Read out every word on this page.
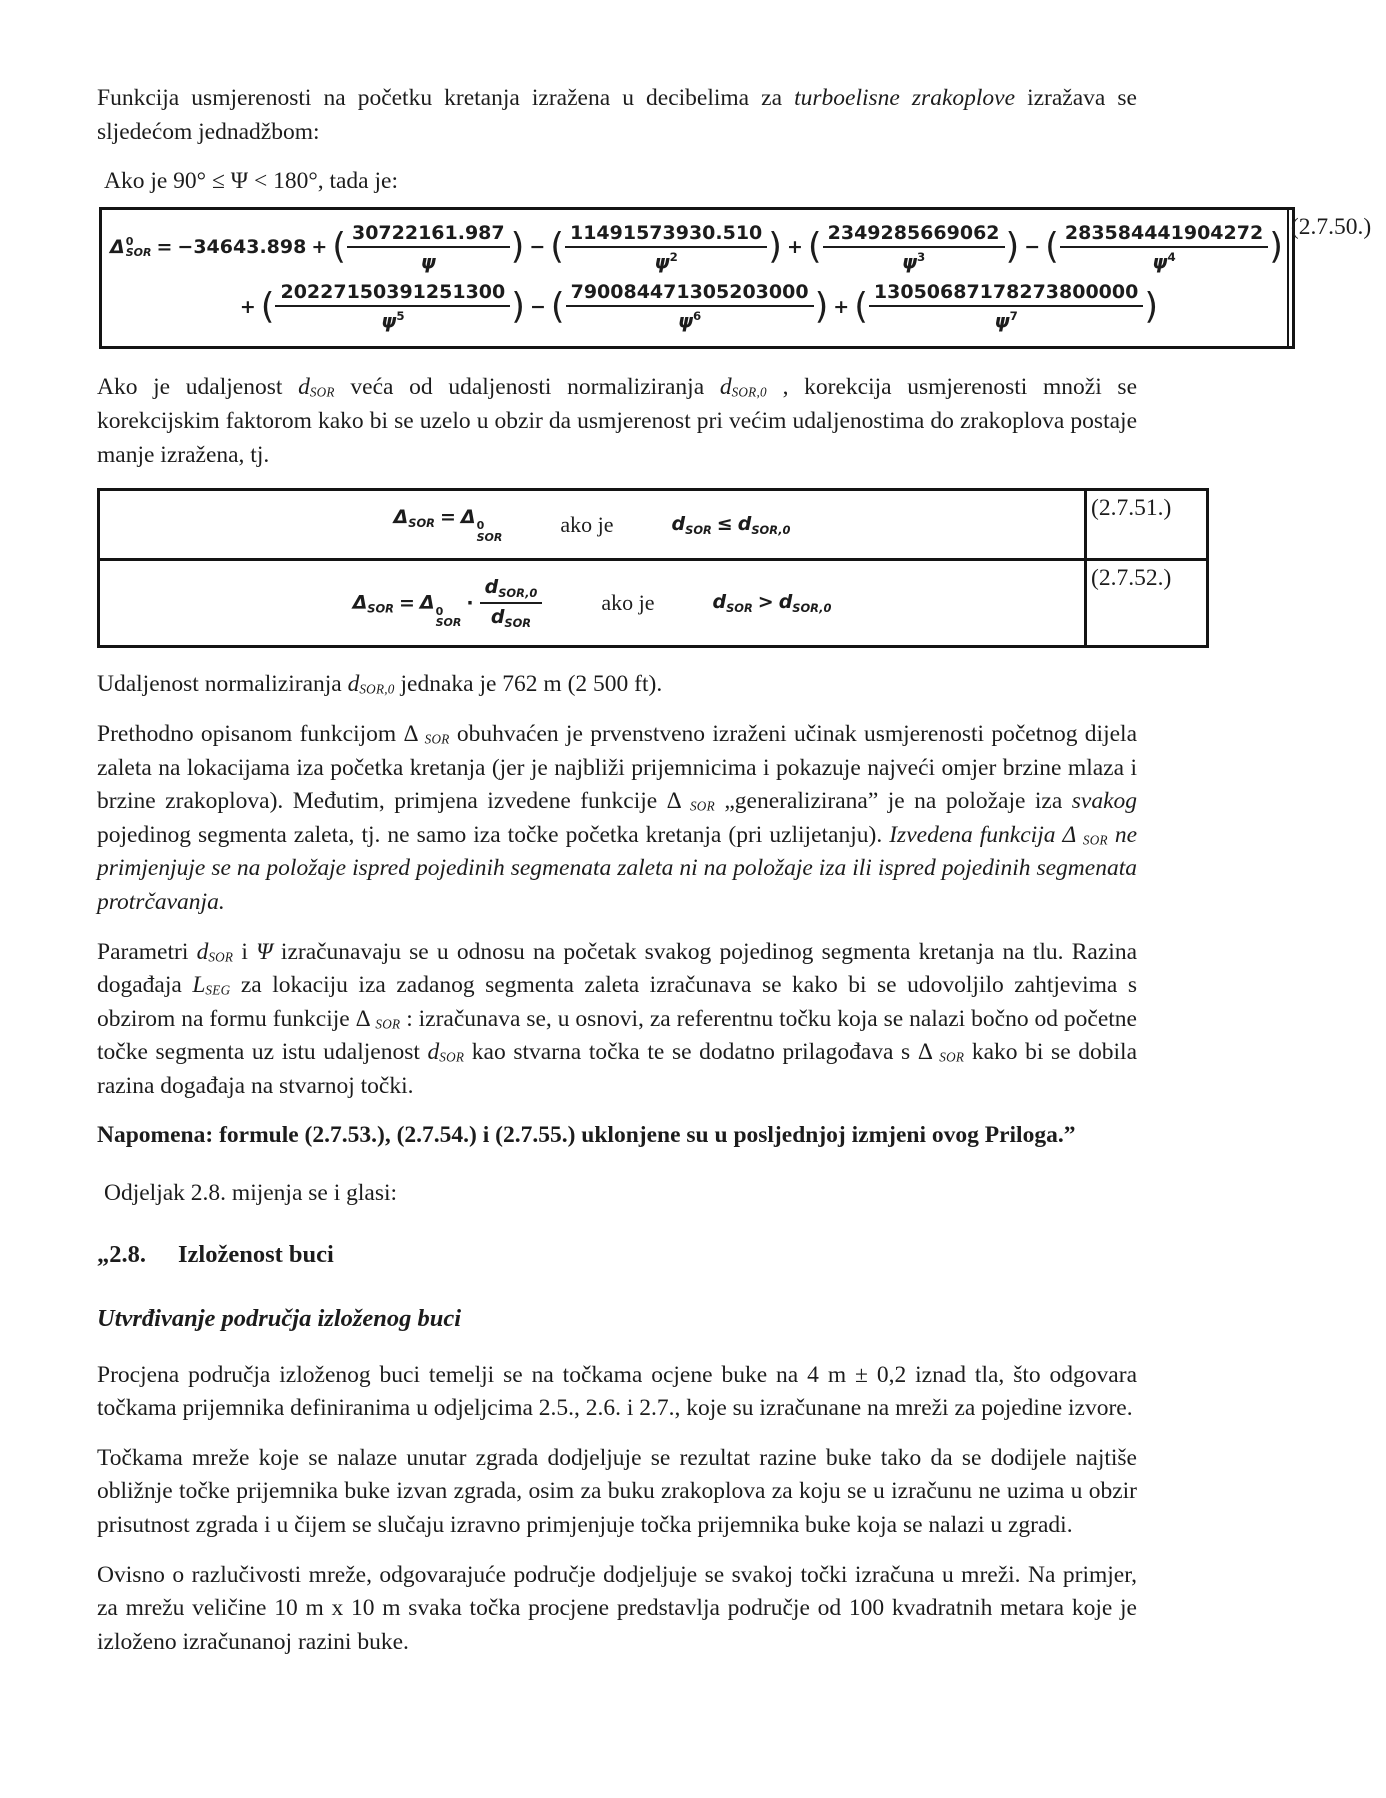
Funkcija usmjerenosti na početku kretanja izražena u decibelima za turboelisne zrakoplove izražava se sljedećom jednadžbom:

Ako je 90° ≤ Ψ < 180°, tada je:

Δ 0
SOR = −34643.898 + ( $\frac{30722161.987}{\psi}$ ) − ( $\frac{11491573930.510}{\psi^2}$ ) + ( $\frac{2349285669062}{\psi^3}$ ) − ( $\frac{283584441904272}{\psi^4}$ )
+ ( $\frac{20227150391251300}{\psi^5}$ ) − ( $\frac{790084471305203000}{\psi^6}$ ) + ( $\frac{13050687178273800000}{\psi^7}$ )
(2.7.50.)

Ako je udaljenost dSOR veća od udaljenosti normaliziranja dSOR,0 , korekcija usmjerenosti množi se korekcijskim faktorom kako bi se uzelo u obzir da usmjerenost pri većim udaljenostima do zrakoplova postaje manje izražena, tj.

$\Delta_{SOR} = \Delta$ 0
SOR
ako je	$d_{SOR} \le d_{SOR,0}$
(2.7.51.)
$\Delta_{SOR} = \Delta$ 0
SOR
· $\frac{d_{SOR,0}}{d_{SOR}}$	ako je	$d_{SOR} > d_{SOR,0}$
(2.7.52.)

Udaljenost normaliziranja dSOR,0 jednaka je 762 m (2 500 ft).

Prethodno opisanom funkcijom Δ SOR obuhvaćen je prvenstveno izraženi učinak usmjerenosti početnog dijela zaleta na lokacijama iza početka kretanja (jer je najbliži prijemnicima i pokazuje najveći omjer brzine mlaza i brzine zrakoplova). Međutim, primjena izvedene funkcije Δ SOR „generalizirana” je na položaje iza svakog pojedinog segmenta zaleta, tj. ne samo iza točke početka kretanja (pri uzlijetanju). Izvedena funkcija Δ SOR ne primjenjuje se na položaje ispred pojedinih segmenata zaleta ni na položaje iza ili ispred pojedinih segmenata protrčavanja.

Parametri dSOR i Ψ izračunavaju se u odnosu na početak svakog pojedinog segmenta kretanja na tlu. Razina događaja LSEG za lokaciju iza zadanog segmenta zaleta izračunava se kako bi se udovoljilo zahtjevima s obzirom na formu funkcije Δ SOR : izračunava se, u osnovi, za referentnu točku koja se nalazi bočno od početne točke segmenta uz istu udaljenost dSOR kao stvarna točka te se dodatno prilagođava s Δ SOR kako bi se dobila razina događaja na stvarnoj točki.

Napomena: formule (2.7.53.), (2.7.54.) i (2.7.55.) uklonjene su u posljednjoj izmjeni ovog Priloga.”

Odjeljak 2.8. mijenja se i glasi:

„2.8. Izloženost buci
Utvrđivanje područja izloženog buci

Procjena područja izloženog buci temelji se na točkama ocjene buke na 4 m ± 0,2 iznad tla, što odgovara točkama prijemnika definiranima u odjeljcima 2.5., 2.6. i 2.7., koje su izračunane na mreži za pojedine izvore.

Točkama mreže koje se nalaze unutar zgrada dodjeljuje se rezultat razine buke tako da se dodijele najtiše obližnje točke prijemnika buke izvan zgrada, osim za buku zrakoplova za koju se u izračunu ne uzima u obzir prisutnost zgrada i u čijem se slučaju izravno primjenjuje točka prijemnika buke koja se nalazi u zgradi.

Ovisno o razlučivosti mreže, odgovarajuće područje dodjeljuje se svakoj točki izračuna u mreži. Na primjer, za mrežu veličine 10 m x 10 m svaka točka procjene predstavlja područje od 100 kvadratnih metara koje je izloženo izračunanoj razini buke.
